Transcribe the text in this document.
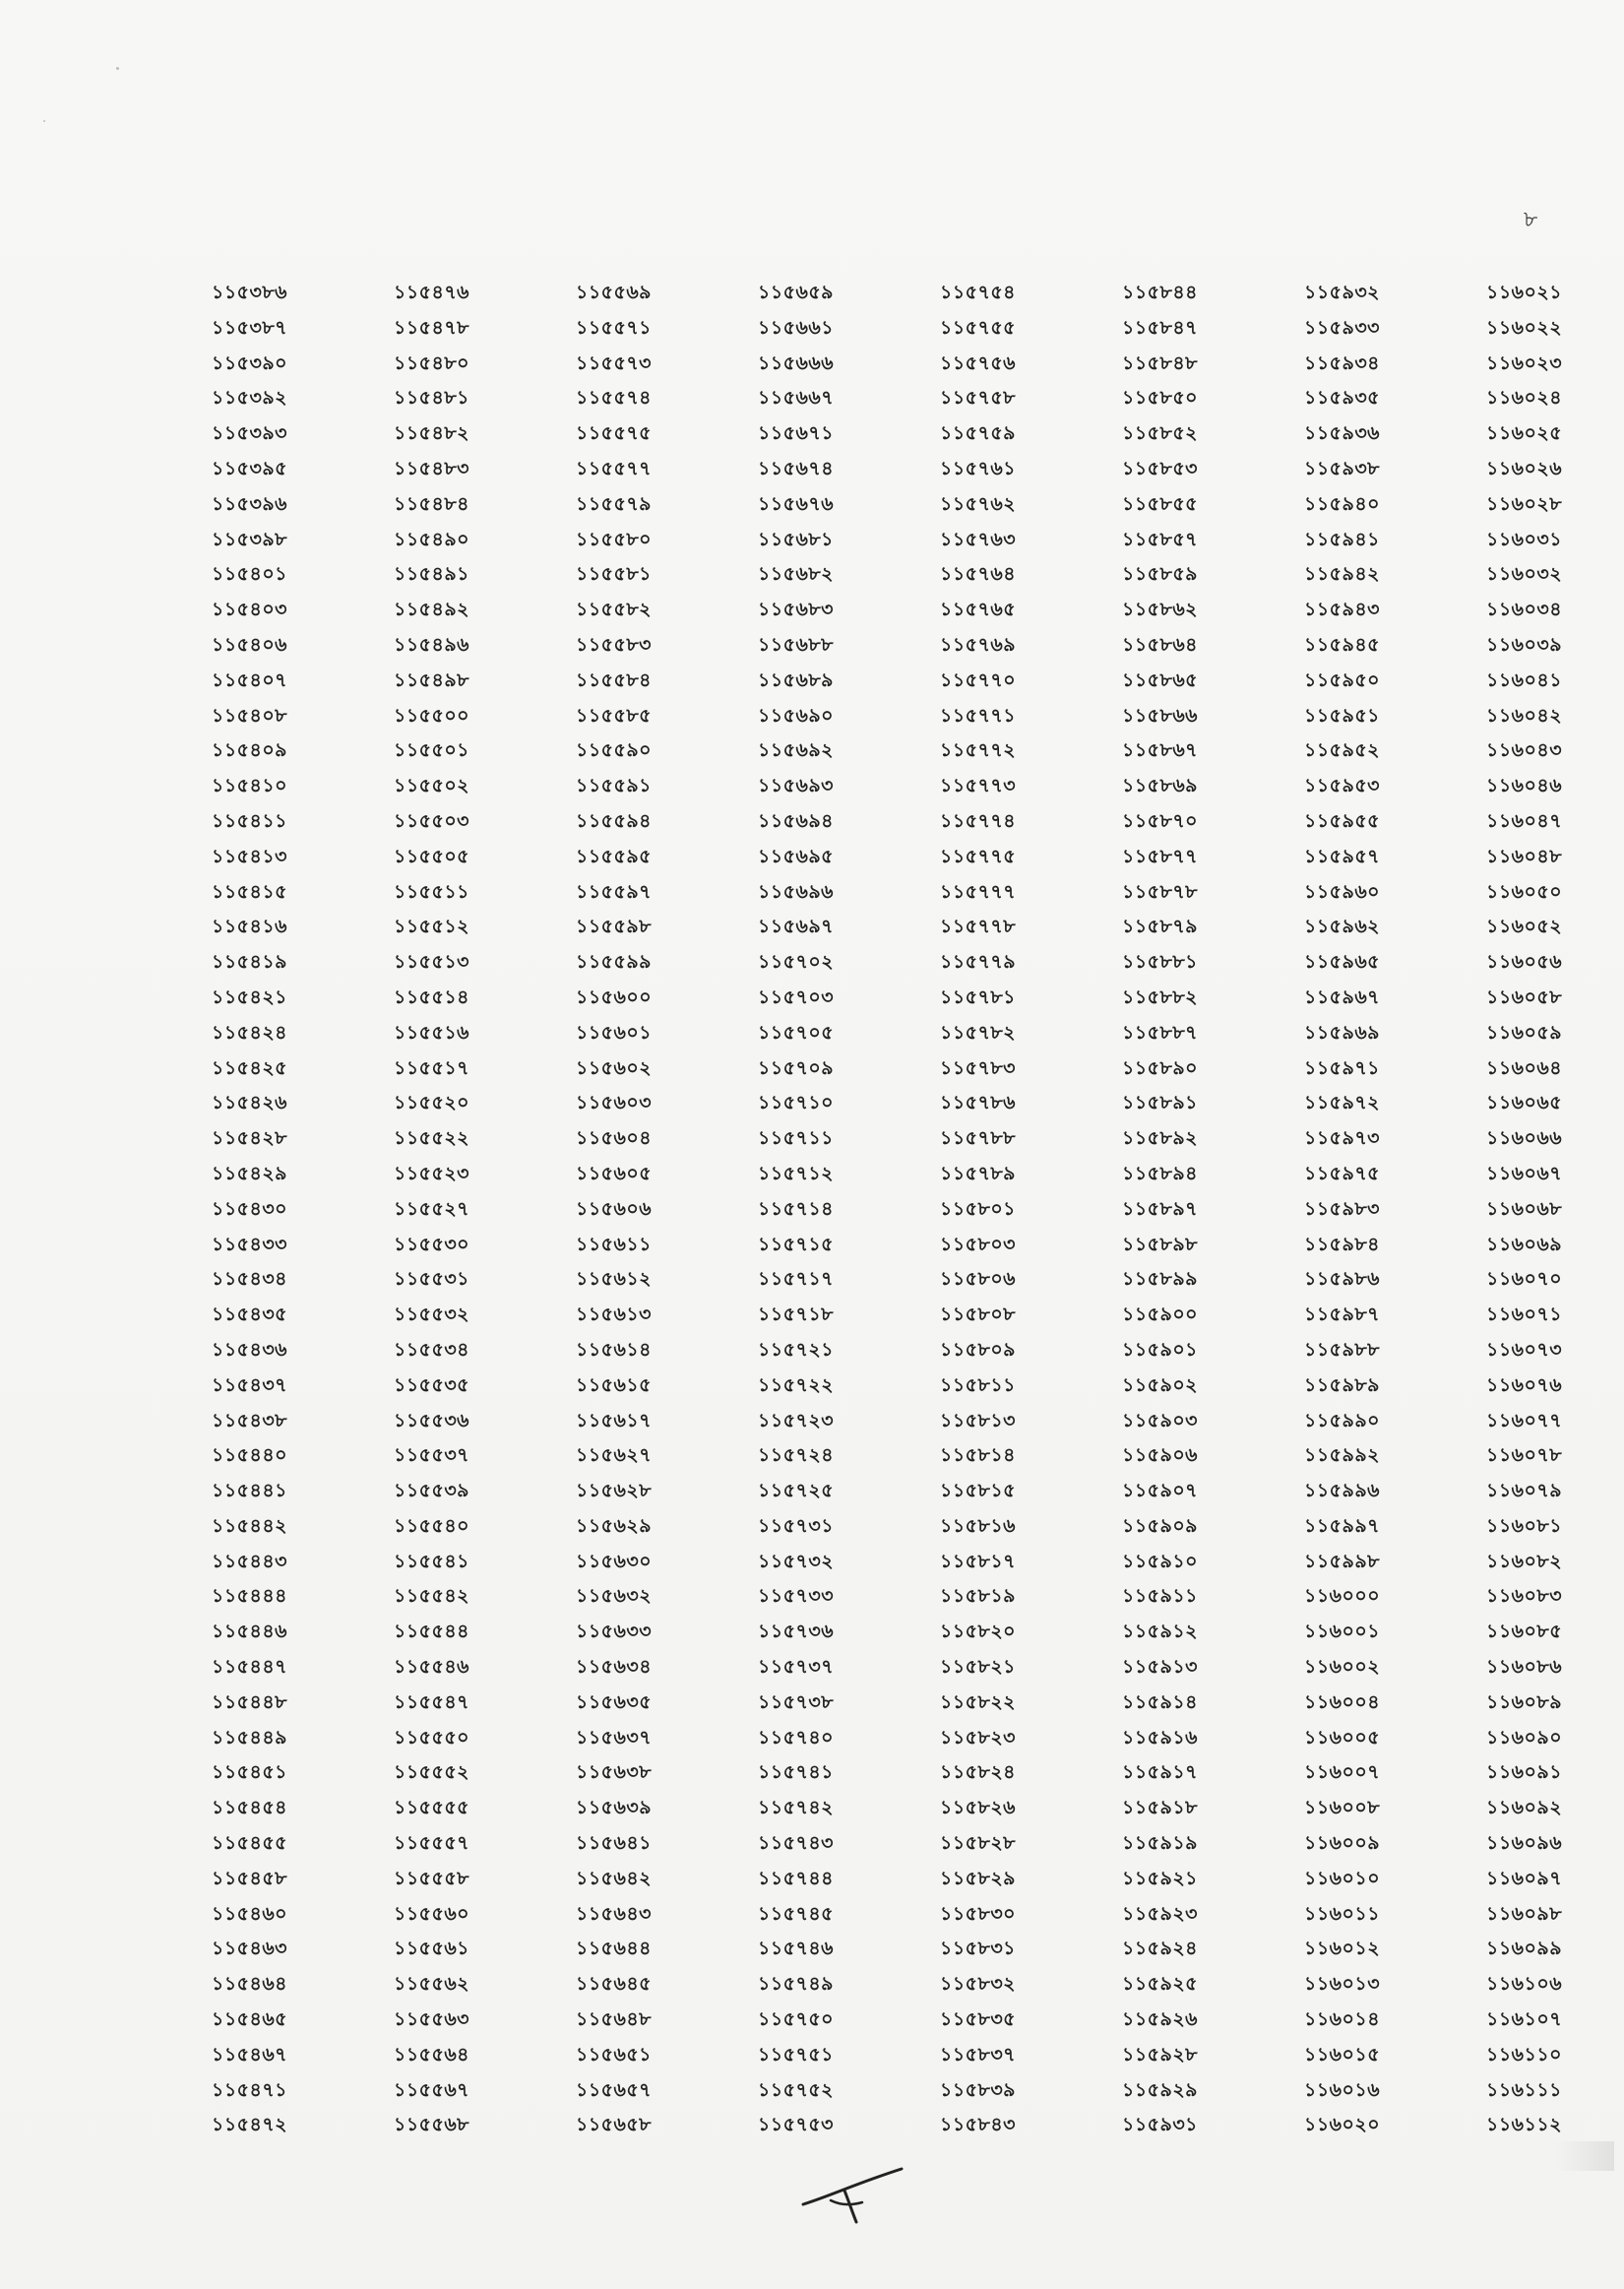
৮
১১৫৩৮৬	১১৫৪৭৬	১১৫৫৬৯	১১৫৬৫৯	১১৫৭৫৪	১১৫৮৪৪	১১৫৯৩২	১১৬০২১
১১৫৩৮৭	১১৫৪৭৮	১১৫৫৭১	১১৫৬৬১	১১৫৭৫৫	১১৫৮৪৭	১১৫৯৩৩	১১৬০২২
১১৫৩৯০	১১৫৪৮০	১১৫৫৭৩	১১৫৬৬৬	১১৫৭৫৬	১১৫৮৪৮	১১৫৯৩৪	১১৬০২৩
১১৫৩৯২	১১৫৪৮১	১১৫৫৭৪	১১৫৬৬৭	১১৫৭৫৮	১১৫৮৫০	১১৫৯৩৫	১১৬০২৪
১১৫৩৯৩	১১৫৪৮২	১১৫৫৭৫	১১৫৬৭১	১১৫৭৫৯	১১৫৮৫২	১১৫৯৩৬	১১৬০২৫
১১৫৩৯৫	১১৫৪৮৩	১১৫৫৭৭	১১৫৬৭৪	১১৫৭৬১	১১৫৮৫৩	১১৫৯৩৮	১১৬০২৬
১১৫৩৯৬	১১৫৪৮৪	১১৫৫৭৯	১১৫৬৭৬	১১৫৭৬২	১১৫৮৫৫	১১৫৯৪০	১১৬০২৮
১১৫৩৯৮	১১৫৪৯০	১১৫৫৮০	১১৫৬৮১	১১৫৭৬৩	১১৫৮৫৭	১১৫৯৪১	১১৬০৩১
১১৫৪০১	১১৫৪৯১	১১৫৫৮১	১১৫৬৮২	১১৫৭৬৪	১১৫৮৫৯	১১৫৯৪২	১১৬০৩২
১১৫৪০৩	১১৫৪৯২	১১৫৫৮২	১১৫৬৮৩	১১৫৭৬৫	১১৫৮৬২	১১৫৯৪৩	১১৬০৩৪
১১৫৪০৬	১১৫৪৯৬	১১৫৫৮৩	১১৫৬৮৮	১১৫৭৬৯	১১৫৮৬৪	১১৫৯৪৫	১১৬০৩৯
১১৫৪০৭	১১৫৪৯৮	১১৫৫৮৪	১১৫৬৮৯	১১৫৭৭০	১১৫৮৬৫	১১৫৯৫০	১১৬০৪১
১১৫৪০৮	১১৫৫০০	১১৫৫৮৫	১১৫৬৯০	১১৫৭৭১	১১৫৮৬৬	১১৫৯৫১	১১৬০৪২
১১৫৪০৯	১১৫৫০১	১১৫৫৯০	১১৫৬৯২	১১৫৭৭২	১১৫৮৬৭	১১৫৯৫২	১১৬০৪৩
১১৫৪১০	১১৫৫০২	১১৫৫৯১	১১৫৬৯৩	১১৫৭৭৩	১১৫৮৬৯	১১৫৯৫৩	১১৬০৪৬
১১৫৪১১	১১৫৫০৩	১১৫৫৯৪	১১৫৬৯৪	১১৫৭৭৪	১১৫৮৭০	১১৫৯৫৫	১১৬০৪৭
১১৫৪১৩	১১৫৫০৫	১১৫৫৯৫	১১৫৬৯৫	১১৫৭৭৫	১১৫৮৭৭	১১৫৯৫৭	১১৬০৪৮
১১৫৪১৫	১১৫৫১১	১১৫৫৯৭	১১৫৬৯৬	১১৫৭৭৭	১১৫৮৭৮	১১৫৯৬০	১১৬০৫০
১১৫৪১৬	১১৫৫১২	১১৫৫৯৮	১১৫৬৯৭	১১৫৭৭৮	১১৫৮৭৯	১১৫৯৬২	১১৬০৫২
১১৫৪১৯	১১৫৫১৩	১১৫৫৯৯	১১৫৭০২	১১৫৭৭৯	১১৫৮৮১	১১৫৯৬৫	১১৬০৫৬
১১৫৪২১	১১৫৫১৪	১১৫৬০০	১১৫৭০৩	১১৫৭৮১	১১৫৮৮২	১১৫৯৬৭	১১৬০৫৮
১১৫৪২৪	১১৫৫১৬	১১৫৬০১	১১৫৭০৫	১১৫৭৮২	১১৫৮৮৭	১১৫৯৬৯	১১৬০৫৯
১১৫৪২৫	১১৫৫১৭	১১৫৬০২	১১৫৭০৯	১১৫৭৮৩	১১৫৮৯০	১১৫৯৭১	১১৬০৬৪
১১৫৪২৬	১১৫৫২০	১১৫৬০৩	১১৫৭১০	১১৫৭৮৬	১১৫৮৯১	১১৫৯৭২	১১৬০৬৫
১১৫৪২৮	১১৫৫২২	১১৫৬০৪	১১৫৭১১	১১৫৭৮৮	১১৫৮৯২	১১৫৯৭৩	১১৬০৬৬
১১৫৪২৯	১১৫৫২৩	১১৫৬০৫	১১৫৭১২	১১৫৭৮৯	১১৫৮৯৪	১১৫৯৭৫	১১৬০৬৭
১১৫৪৩০	১১৫৫২৭	১১৫৬০৬	১১৫৭১৪	১১৫৮০১	১১৫৮৯৭	১১৫৯৮৩	১১৬০৬৮
১১৫৪৩৩	১১৫৫৩০	১১৫৬১১	১১৫৭১৫	১১৫৮০৩	১১৫৮৯৮	১১৫৯৮৪	১১৬০৬৯
১১৫৪৩৪	১১৫৫৩১	১১৫৬১২	১১৫৭১৭	১১৫৮০৬	১১৫৮৯৯	১১৫৯৮৬	১১৬০৭০
১১৫৪৩৫	১১৫৫৩২	১১৫৬১৩	১১৫৭১৮	১১৫৮০৮	১১৫৯০০	১১৫৯৮৭	১১৬০৭১
১১৫৪৩৬	১১৫৫৩৪	১১৫৬১৪	১১৫৭২১	১১৫৮০৯	১১৫৯০১	১১৫৯৮৮	১১৬০৭৩
১১৫৪৩৭	১১৫৫৩৫	১১৫৬১৫	১১৫৭২২	১১৫৮১১	১১৫৯০২	১১৫৯৮৯	১১৬০৭৬
১১৫৪৩৮	১১৫৫৩৬	১১৫৬১৭	১১৫৭২৩	১১৫৮১৩	১১৫৯০৩	১১৫৯৯০	১১৬০৭৭
১১৫৪৪০	১১৫৫৩৭	১১৫৬২৭	১১৫৭২৪	১১৫৮১৪	১১৫৯০৬	১১৫৯৯২	১১৬০৭৮
১১৫৪৪১	১১৫৫৩৯	১১৫৬২৮	১১৫৭২৫	১১৫৮১৫	১১৫৯০৭	১১৫৯৯৬	১১৬০৭৯
১১৫৪৪২	১১৫৫৪০	১১৫৬২৯	১১৫৭৩১	১১৫৮১৬	১১৫৯০৯	১১৫৯৯৭	১১৬০৮১
১১৫৪৪৩	১১৫৫৪১	১১৫৬৩০	১১৫৭৩২	১১৫৮১৭	১১৫৯১০	১১৫৯৯৮	১১৬০৮২
১১৫৪৪৪	১১৫৫৪২	১১৫৬৩২	১১৫৭৩৩	১১৫৮১৯	১১৫৯১১	১১৬০০০	১১৬০৮৩
১১৫৪৪৬	১১৫৫৪৪	১১৫৬৩৩	১১৫৭৩৬	১১৫৮২০	১১৫৯১২	১১৬০০১	১১৬০৮৫
১১৫৪৪৭	১১৫৫৪৬	১১৫৬৩৪	১১৫৭৩৭	১১৫৮২১	১১৫৯১৩	১১৬০০২	১১৬০৮৬
১১৫৪৪৮	১১৫৫৪৭	১১৫৬৩৫	১১৫৭৩৮	১১৫৮২২	১১৫৯১৪	১১৬০০৪	১১৬০৮৯
১১৫৪৪৯	১১৫৫৫০	১১৫৬৩৭	১১৫৭৪০	১১৫৮২৩	১১৫৯১৬	১১৬০০৫	১১৬০৯০
১১৫৪৫১	১১৫৫৫২	১১৫৬৩৮	১১৫৭৪১	১১৫৮২৪	১১৫৯১৭	১১৬০০৭	১১৬০৯১
১১৫৪৫৪	১১৫৫৫৫	১১৫৬৩৯	১১৫৭৪২	১১৫৮২৬	১১৫৯১৮	১১৬০০৮	১১৬০৯২
১১৫৪৫৫	১১৫৫৫৭	১১৫৬৪১	১১৫৭৪৩	১১৫৮২৮	১১৫৯১৯	১১৬০০৯	১১৬০৯৬
১১৫৪৫৮	১১৫৫৫৮	১১৫৬৪২	১১৫৭৪৪	১১৫৮২৯	১১৫৯২১	১১৬০১০	১১৬০৯৭
১১৫৪৬০	১১৫৫৬০	১১৫৬৪৩	১১৫৭৪৫	১১৫৮৩০	১১৫৯২৩	১১৬০১১	১১৬০৯৮
১১৫৪৬৩	১১৫৫৬১	১১৫৬৪৪	১১৫৭৪৬	১১৫৮৩১	১১৫৯২৪	১১৬০১২	১১৬০৯৯
১১৫৪৬৪	১১৫৫৬২	১১৫৬৪৫	১১৫৭৪৯	১১৫৮৩২	১১৫৯২৫	১১৬০১৩	১১৬১০৬
১১৫৪৬৫	১১৫৫৬৩	১১৫৬৪৮	১১৫৭৫০	১১৫৮৩৫	১১৫৯২৬	১১৬০১৪	১১৬১০৭
১১৫৪৬৭	১১৫৫৬৪	১১৫৬৫১	১১৫৭৫১	১১৫৮৩৭	১১৫৯২৮	১১৬০১৫	১১৬১১০
১১৫৪৭১	১১৫৫৬৭	১১৫৬৫৭	১১৫৭৫২	১১৫৮৩৯	১১৫৯২৯	১১৬০১৬	১১৬১১১
১১৫৪৭২	১১৫৫৬৮	১১৫৬৫৮	১১৫৭৫৩	১১৫৮৪৩	১১৫৯৩১	১১৬০২০	১১৬১১২
